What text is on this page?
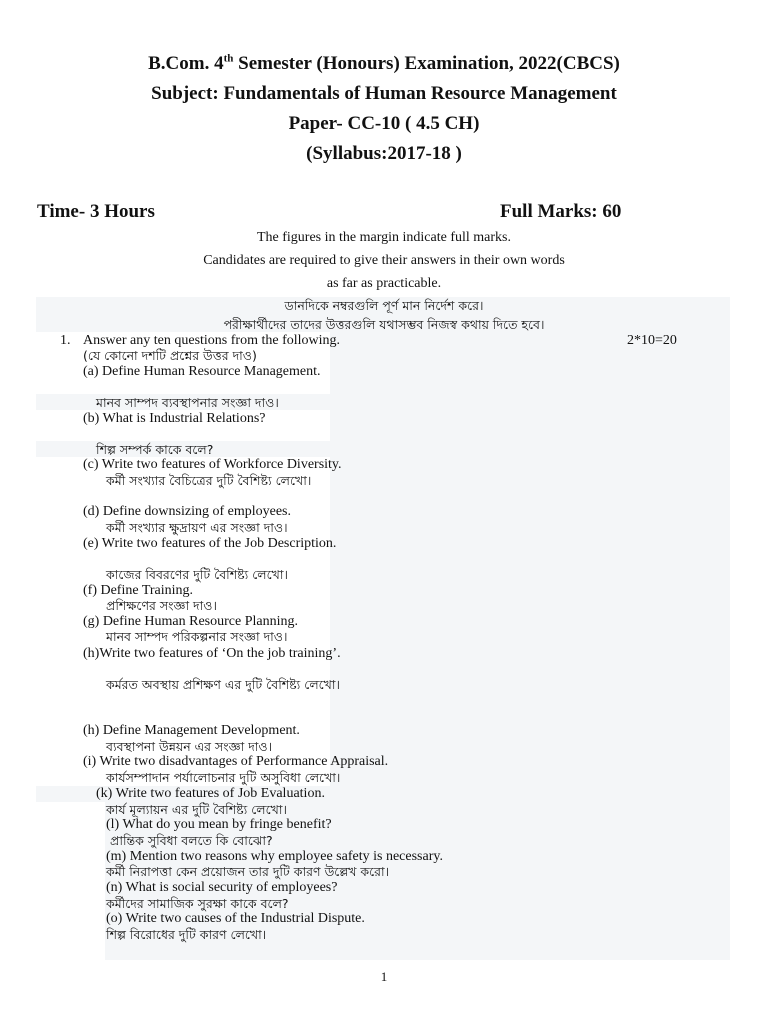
B.Com. 4th Semester (Honours) Examination, 2022(CBCS)
Subject: Fundamentals of Human Resource Management
Paper- CC-10 ( 4.5 CH)
(Syllabus:2017-18 )
Time- 3 Hours	Full Marks: 60
The figures in the margin indicate full marks.
Candidates are required to give their answers in their own words
as far as practicable.
ডানদিকে নম্বরগুলি পূর্ণ মান নির্দেশ করে।
পরীক্ষার্থীদের তাদের উত্তরগুলি যথাসম্ভব নিজস্ব কথায় দিতে হবে।
1. Answer any ten questions from the following.	2*10=20
(যে কোনো দশটি প্রশ্নের উত্তর দাও)
(a) Define Human Resource Management.
মানব সাম্পদ ব্যবস্থাপনার সংজ্ঞা দাও।
(b) What is Industrial Relations?
শিল্প সম্পর্ক কাকে বলে?
(c) Write two features of Workforce Diversity.
কর্মী সংখ্যার বৈচিত্রের দুটি বৈশিষ্ট্য লেখো।
(d) Define downsizing of employees.
কর্মী সংখ্যার ক্ষুদ্রায়ণ এর সংজ্ঞা দাও।
(e) Write two features of the Job Description.
কাজের বিবরণের দুটি বৈশিষ্ট্য লেখো।
(f) Define Training.
প্রশিক্ষণের সংজ্ঞা দাও।
(g) Define Human Resource Planning.
মানব সাম্পদ পরিকল্পনার সংজ্ঞা দাও।
(h)Write two features of ‘On the job training’.
কর্মরত অবস্থায় প্রশিক্ষণ এর দুটি বৈশিষ্ট্য লেখো।
(h) Define Management Development.
ব্যবস্থাপনা উন্নয়ন এর সংজ্ঞা দাও।
(i) Write two disadvantages of Performance Appraisal.
কার্যসম্পাদান পর্যালোচনার দুটি অসুবিধা লেখো।
(k) Write two features of Job Evaluation.
কার্য মূল্যায়ন এর দুটি বৈশিষ্ট্য লেখো।
(l) What do you mean by fringe benefit?
প্রান্তিক সুবিধা বলতে কি বোঝো?
(m) Mention two reasons why employee safety is necessary.
কর্মী নিরাপত্তা কেন প্রয়োজন তার দুটি কারণ উল্লেখ করো।
(n) What is social security of employees?
কর্মীদের সামাজিক সুরক্ষা কাকে বলে?
(o) Write two causes of the Industrial Dispute.
শিল্প বিরোধের দুটি কারণ লেখো।
1
